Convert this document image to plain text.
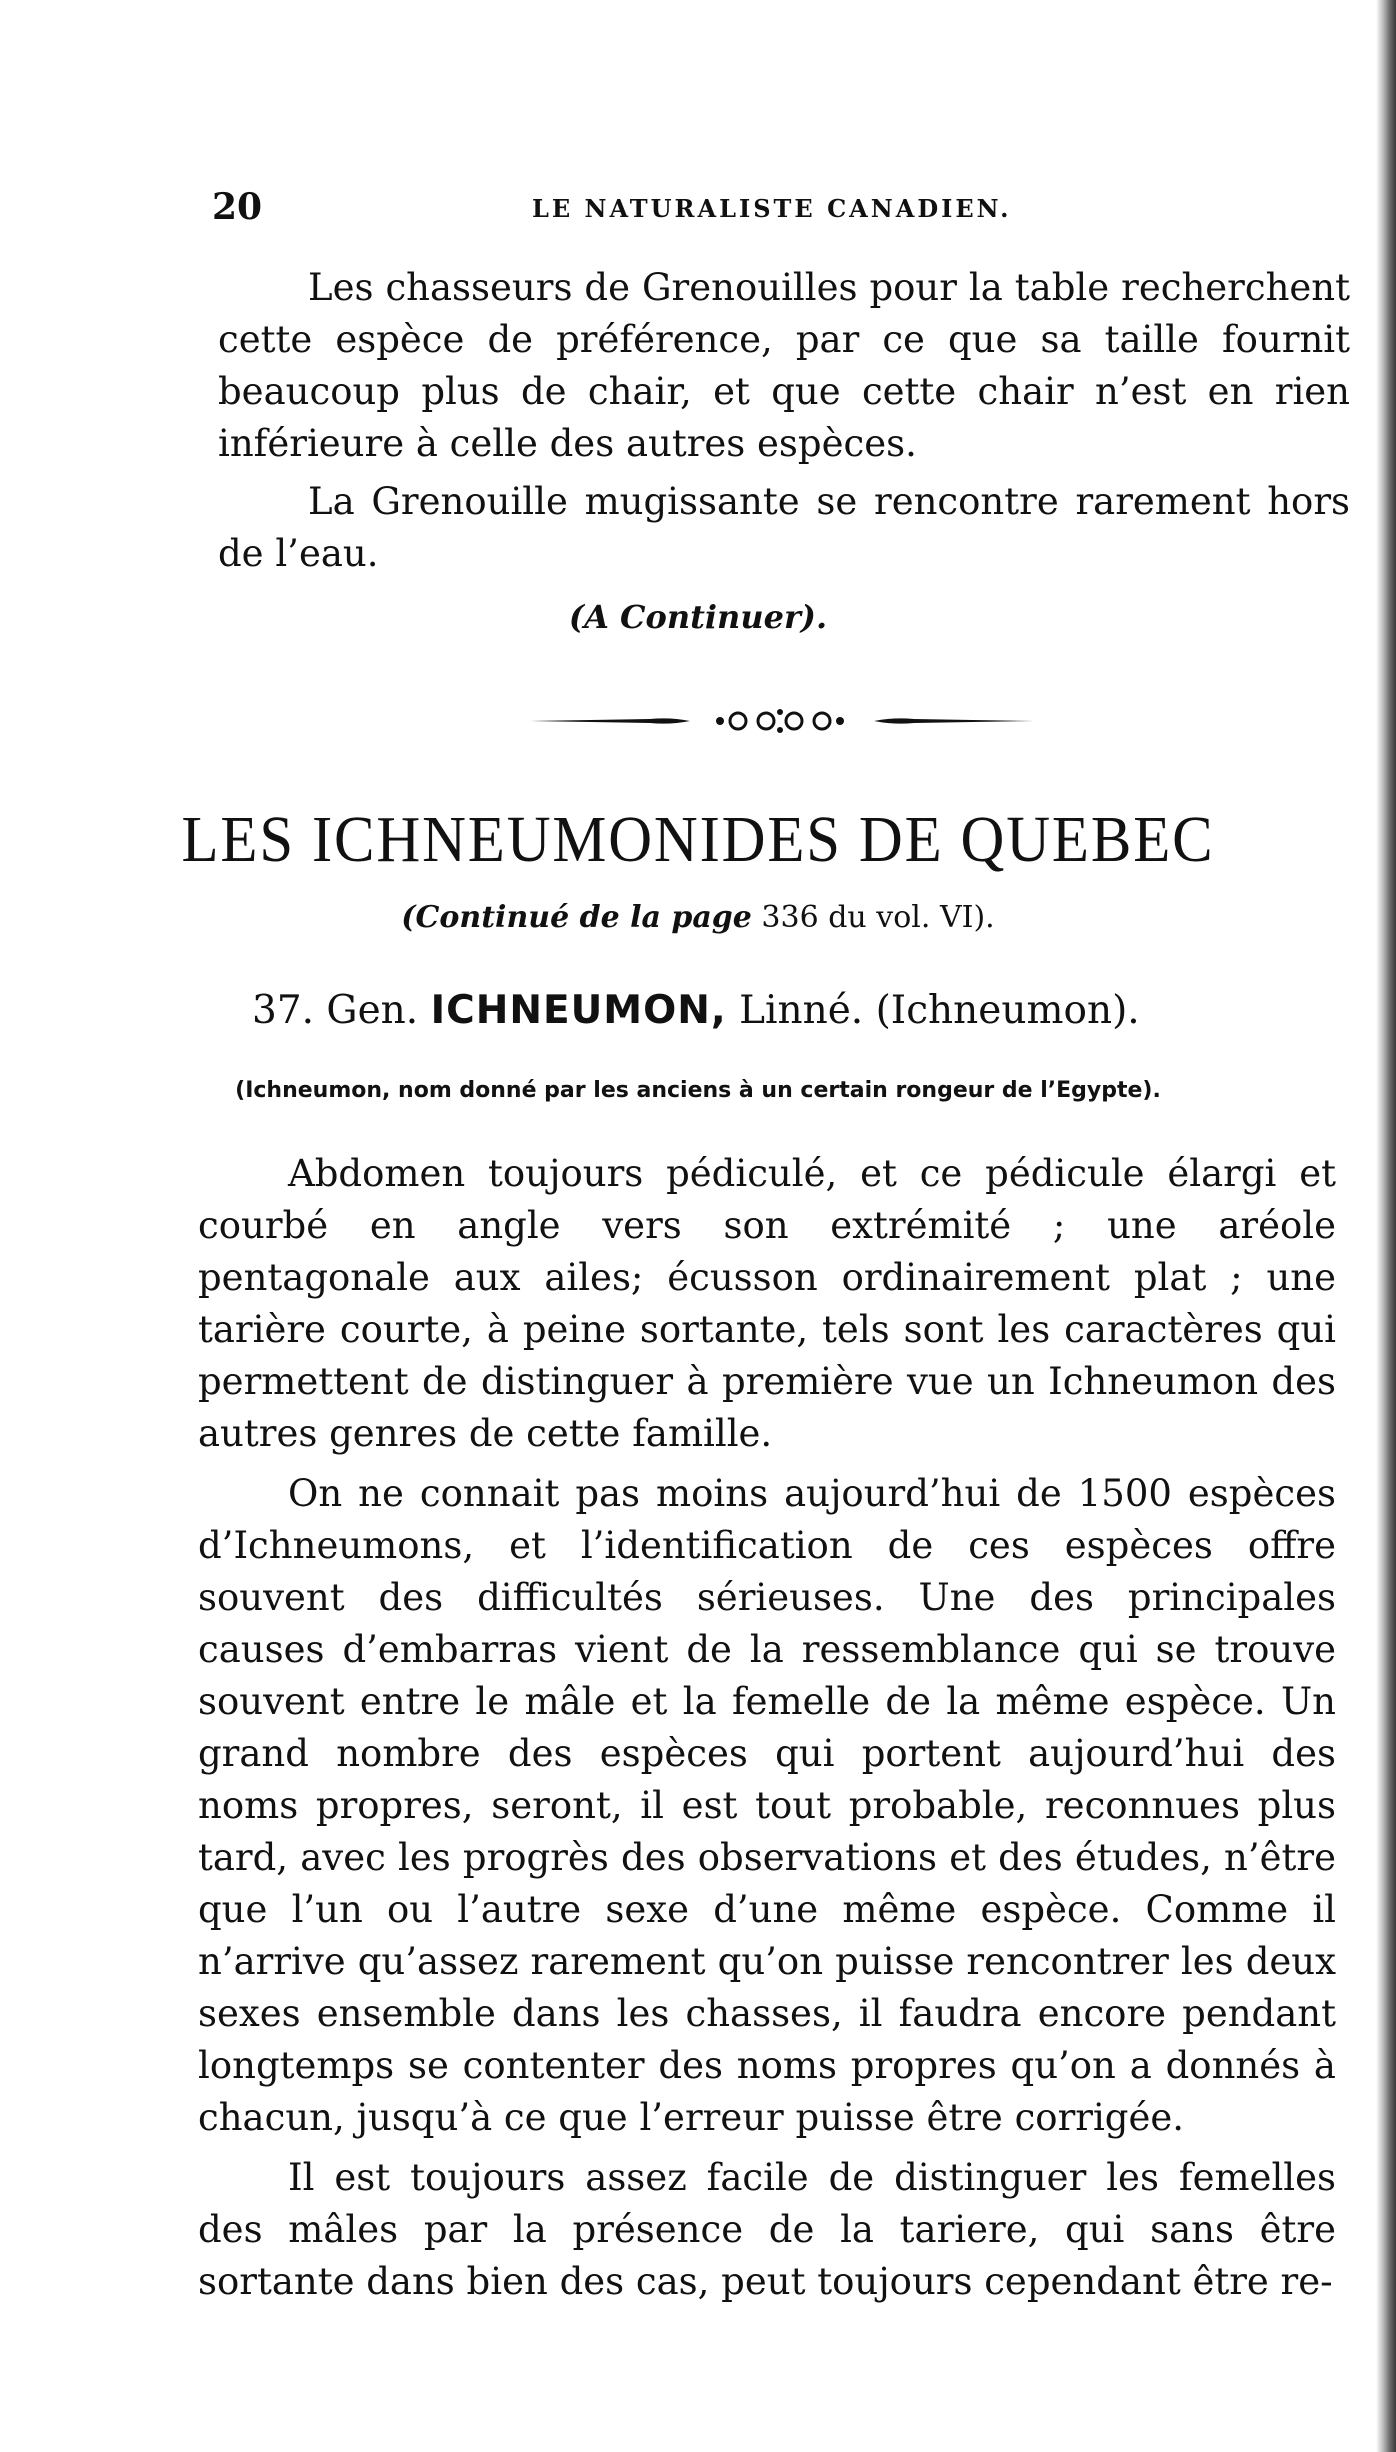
20	LE NATURALISTE CANADIEN.

Les chasseurs de Grenouilles pour la table recherchent cette espèce de préférence, par ce que sa taille fournit beaucoup plus de chair, et que cette chair n’est en rien inférieure à celle des autres espèces.

La Grenouille mugissante se rencontre rarement hors de l’eau.

(A Continuer).
LES ICHNEUMONIDES DE QUEBEC
(Continué de la page 336 du vol. VI).
37. Gen. ICHNEUMON, Linné. (Ichneumon).
(Ichneumon, nom donné par les anciens à un certain rongeur de l’Egypte).

Abdomen toujours pédiculé, et ce pédicule élargi et courbé en angle vers son extrémité ; une aréole pentagonale aux ailes; écusson ordinairement plat ; une tarière courte, à peine sortante, tels sont les caractères qui permettent de distinguer à première vue un Ichneumon des autres genres de cette famille.

On ne connait pas moins aujourd’hui de 1500 espèces d’Ichneumons, et l’identification de ces espèces offre souvent des difficultés sérieuses. Une des principales causes d’embarras vient de la ressemblance qui se trouve souvent entre le mâle et la femelle de la même espèce. Un grand nombre des espèces qui portent aujourd’hui des noms propres, seront, il est tout probable, reconnues plus tard, avec les progrès des observations et des études, n’être que l’un ou l’autre sexe d’une même espèce. Comme il n’arrive qu’assez rarement qu’on puisse rencontrer les deux sexes ensemble dans les chasses, il faudra encore pendant longtemps se contenter des noms propres qu’on a donnés à chacun, jusqu’à ce que l’erreur puisse être corrigée.

Il est toujours assez facile de distinguer les femelles des mâles par la présence de la tariere, qui sans être sortante dans bien des cas, peut toujours cependant être re-
